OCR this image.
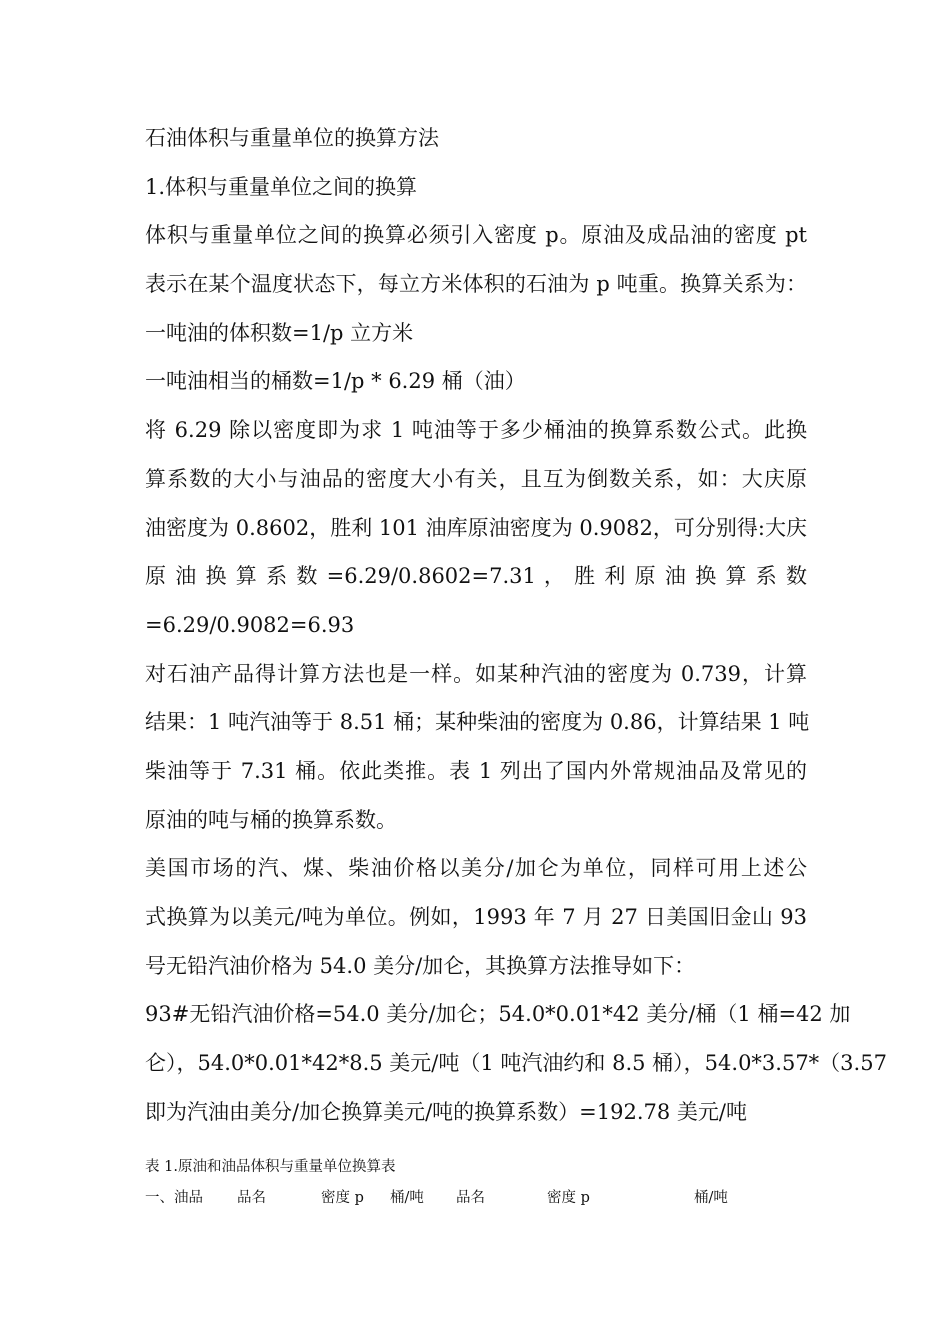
石油体积与重量单位的换算方法
1.体积与重量单位之间的换算
体积与重量单位之间的换算必须引入密度 p。原油及成品油的密度 pt
表示在某个温度状态下，每立方米体积的石油为 p 吨重。换算关系为：
一吨油的体积数=1/p 立方米
一吨油相当的桶数=1/p * 6.29 桶（油）
将 6.29 除以密度即为求 1 吨油等于多少桶油的换算系数公式。此换
算系数的大小与油品的密度大小有关，且互为倒数关系，如：大庆原
油密度为 0.8602，胜利 101 油库原油密度为 0.9082，可分别得:大庆
原 油 换 算 系 数 =6.29/0.8602=7.31 ， 胜 利 原 油 换 算 系 数
=6.29/0.9082=6.93
对石油产品得计算方法也是一样。如某种汽油的密度为 0.739，计算
结果：1 吨汽油等于 8.51 桶；某种柴油的密度为 0.86，计算结果 1 吨
柴油等于 7.31 桶。依此类推。表 1 列出了国内外常规油品及常见的
原油的吨与桶的换算系数。
美国市场的汽、煤、柴油价格以美分/加仑为单位，同样可用上述公
式换算为以美元/吨为单位。例如，1993 年 7 月 27 日美国旧金山 93
号无铅汽油价格为 54.0 美分/加仑，其换算方法推导如下：
93#无铅汽油价格=54.0 美分/加仑；54.0*0.01*42 美分/桶（1 桶=42 加
仑），54.0*0.01*42*8.5 美元/吨（1 吨汽油约和 8.5 桶），54.0*3.57*（3.57
即为汽油由美分/加仑换算美元/吨的换算系数）=192.78 美元/吨
表 1.原油和油品体积与重量单位换算表
一、油品 品名	密度 p 桶/吨 品名	密度 p	桶/吨
